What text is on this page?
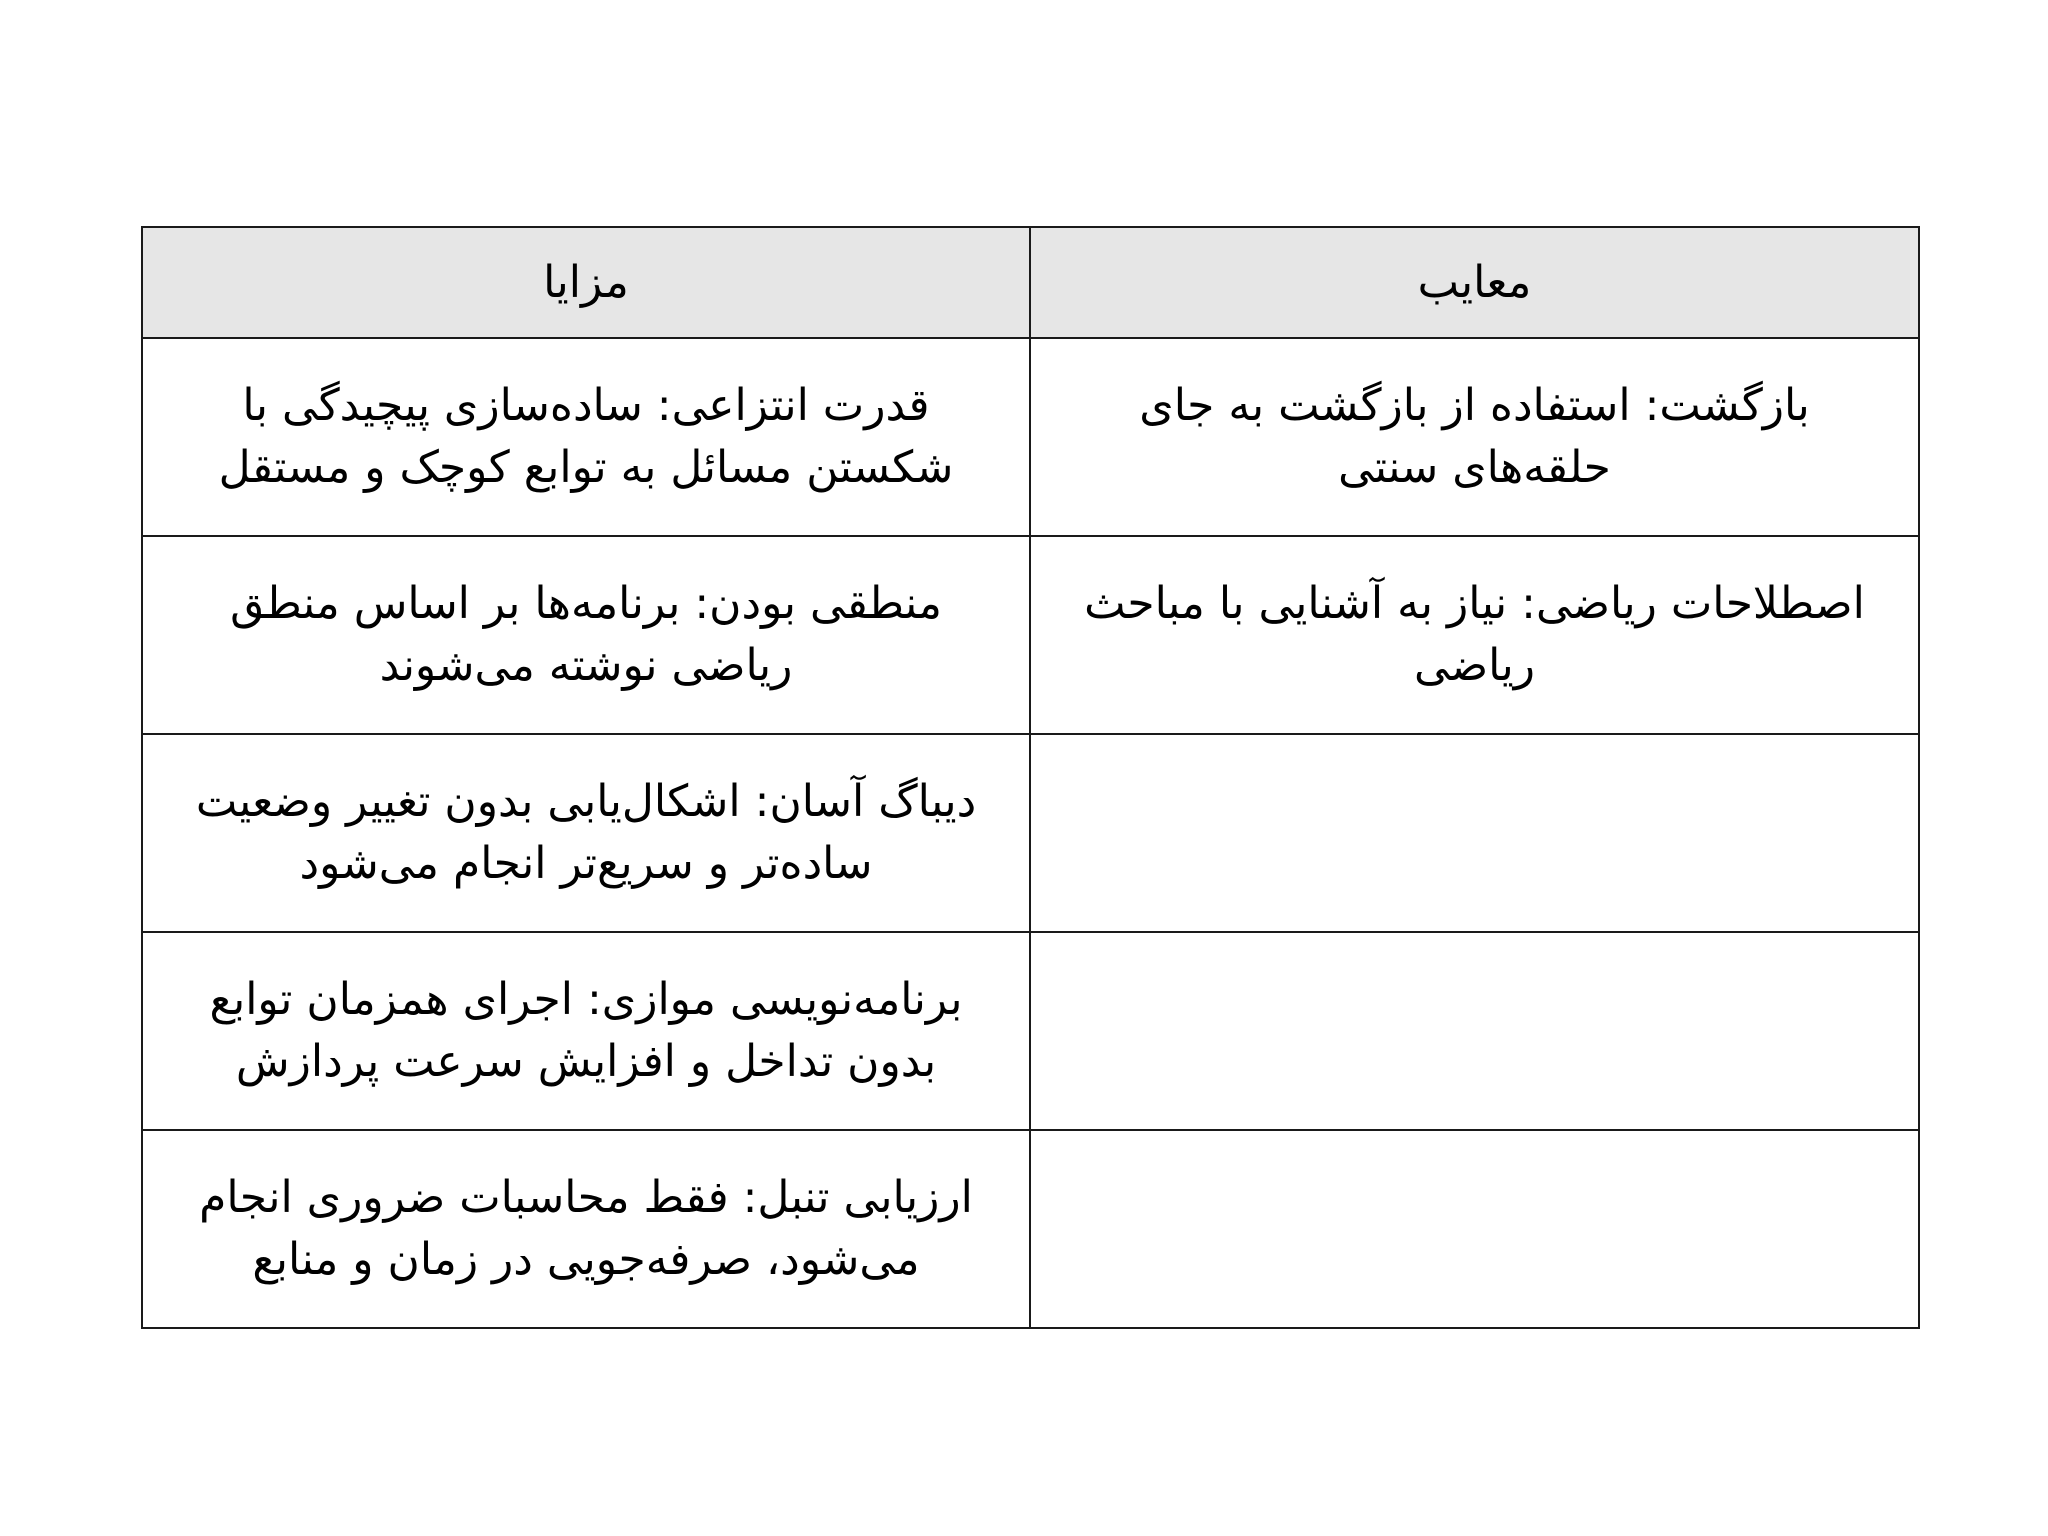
مزایا	معایب
قدرت انتزاعی: ساده‌سازی پیچیدگی با شکستن مسائل به توابع کوچک و مستقل	بازگشت: استفاده از بازگشت به جای حلقه‌های سنتی
منطقی بودن: برنامه‌ها بر اساس منطق ریاضی نوشته می‌شوند	اصطلاحات ریاضی: نیاز به آشنایی با مباحث ریاضی
دیباگ آسان: اشکال‌یابی بدون تغییر وضعیت ساده‌تر و سریع‌تر انجام می‌شود	
برنامه‌نویسی موازی: اجرای همزمان توابع بدون تداخل و افزایش سرعت پردازش	
ارزیابی تنبل: فقط محاسبات ضروری انجام می‌شود، صرفه‌جویی در زمان و منابع	
